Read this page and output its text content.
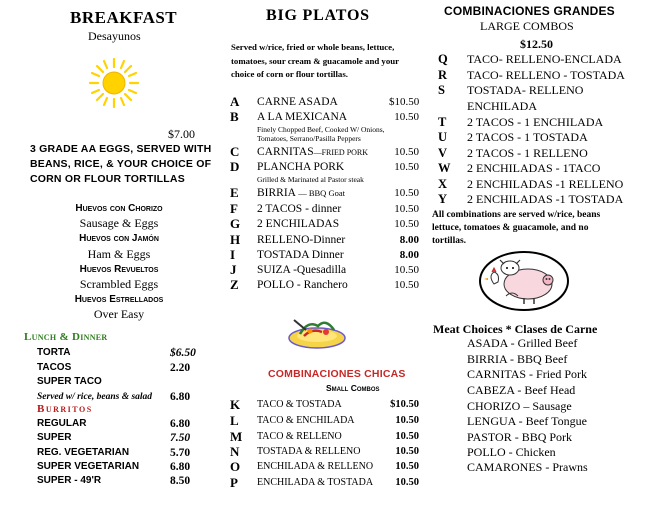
BREAKFAST
Desayunos
$7.00
3 GRADE AA EGGS, SERVED WITH
BEANS, RICE, & YOUR CHOICE OF
CORN OR FLOUR TORTILLAS
Huevos con Chorizo
Sausage & Eggs
Huevos con Jamón
Ham & Eggs
Huevos Revueltos
Scrambled Eggs
Huevos Estrellados
Over Easy
Lunch & Dinner
TORTA	$6.50
TACOS	2.20
SUPER TACO
Served w/ rice, beans & salad 6.80
Burritos
REGULAR	6.80
SUPER	7.50
REG. VEGETARIAN	5.70
SUPER VEGETARIAN	6.80
SUPER - 49'R	8.50
BIG PLATOS
Served w/rice, fried or whole beans, lettuce,
tomatoes, sour cream & guacamole and your
choice of corn or flour tortillas.
A	CARNE ASADA	$10.50
B	A LA MEXICANA	10.50
Finely Chopped Beef, Cooked W/ Onions,
Tomatoes, Serrano/Pasilla Peppers
C	CARNITAS—FRIED PORK	10.50
D	PLANCHA PORK	10.50
Grilled & Marinated al Pastor steak
E	BIRRIA — BBQ Goat	10.50
F	2 TACOS - dinner	10.50
G	2 ENCHILADAS	10.50
H	RELLENO-Dinner	8.00
I	TOSTADA Dinner	8.00
J	SUIZA -Quesadilla	10.50
Z	POLLO - Ranchero	10.50
COMBINACIONES CHICAS
Small Combos
K	TACO & TOSTADA	$10.50
L	TACO & ENCHILADA	10.50
M TACO & RELLENO	10.50
N	TOSTADA & RELLENO	10.50
O	ENCHILADA & RELLENO	10.50
P	ENCHILADA & TOSTADA	10.50
COMBINACIONES GRANDES
LARGE COMBOS
$12.50
Q	TACO- RELLENO-ENCLADA
R	TACO- RELLENO - TOSTADA
S	TOSTADA- RELLENO
ENCHILADA
T	2 TACOS - 1 ENCHILADA
U	2 TACOS - 1 TOSTADA
V	2 TACOS - 1 RELLENO
W 2 ENCHILADAS - 1TACO
X	2 ENCHILADAS -1 RELLENO
Y	2 ENCHILADAS -1 TOSTADA
All combinations are served w/rice, beans
lettuce, tomatoes & guacamole, and no
tortillas.
Meat Choices * Clases de Carne
ASADA - Grilled Beef
BIRRIA - BBQ Beef
CARNITAS - Fried Pork
CABEZA - Beef Head
CHORIZO – Sausage
LENGUA - Beef Tongue
PASTOR - BBQ Pork
POLLO - Chicken
CAMARONES - Prawns
